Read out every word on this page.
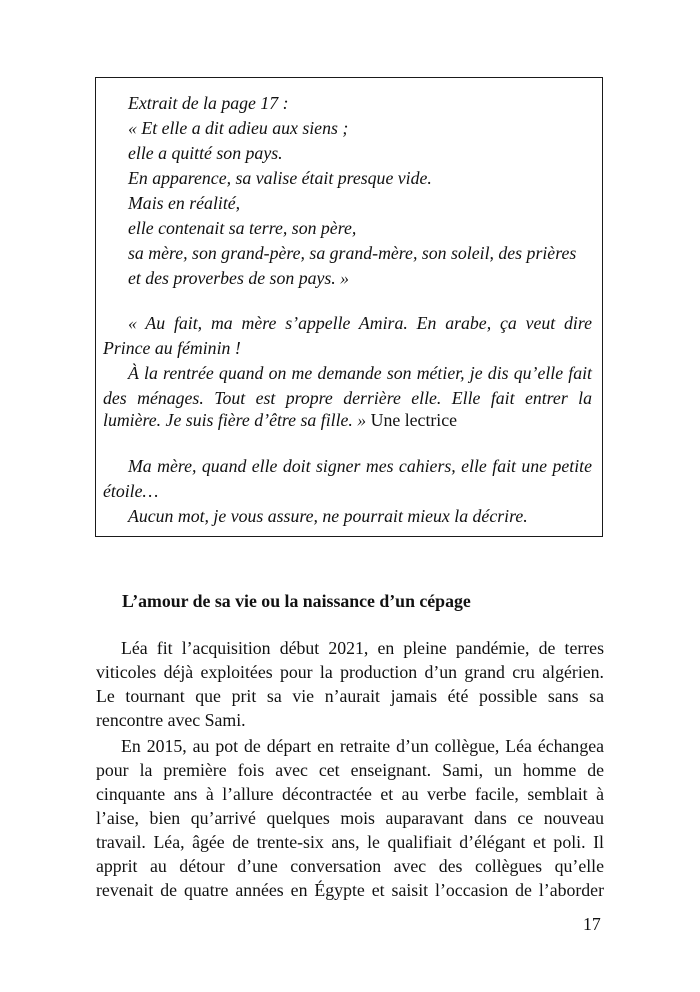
Extrait de la page 17 :
« Et elle a dit adieu aux siens ;
elle a quitté son pays.
En apparence, sa valise était presque vide.
Mais en réalité,
elle contenait sa terre, son père,
sa mère, son grand-père, sa grand-mère, son soleil, des prières
et des proverbes de son pays. »
« Au fait, ma mère s’appelle Amira. En arabe, ça veut dire
Prince au féminin !
À la rentrée quand on me demande son métier, je dis qu’elle fait
des ménages. Tout est propre derrière elle. Elle fait entrer la
lumière. Je suis fière d’être sa fille. » Une lectrice
Ma mère, quand elle doit signer mes cahiers, elle fait une petite
étoile…
Aucun mot, je vous assure, ne pourrait mieux la décrire.
L’amour de sa vie ou la naissance d’un cépage
Léa fit l’acquisition début 2021, en pleine pandémie, de terres
viticoles déjà exploitées pour la production d’un grand cru algérien.
Le tournant que prit sa vie n’aurait jamais été possible sans sa
rencontre avec Sami.
En 2015, au pot de départ en retraite d’un collègue, Léa échangea
pour la première fois avec cet enseignant. Sami, un homme de
cinquante ans à l’allure décontractée et au verbe facile, semblait à
l’aise, bien qu’arrivé quelques mois auparavant dans ce nouveau
travail. Léa, âgée de trente-six ans, le qualifiait d’élégant et poli. Il
apprit au détour d’une conversation avec des collègues qu’elle
revenait de quatre années en Égypte et saisit l’occasion de l’aborder
17
